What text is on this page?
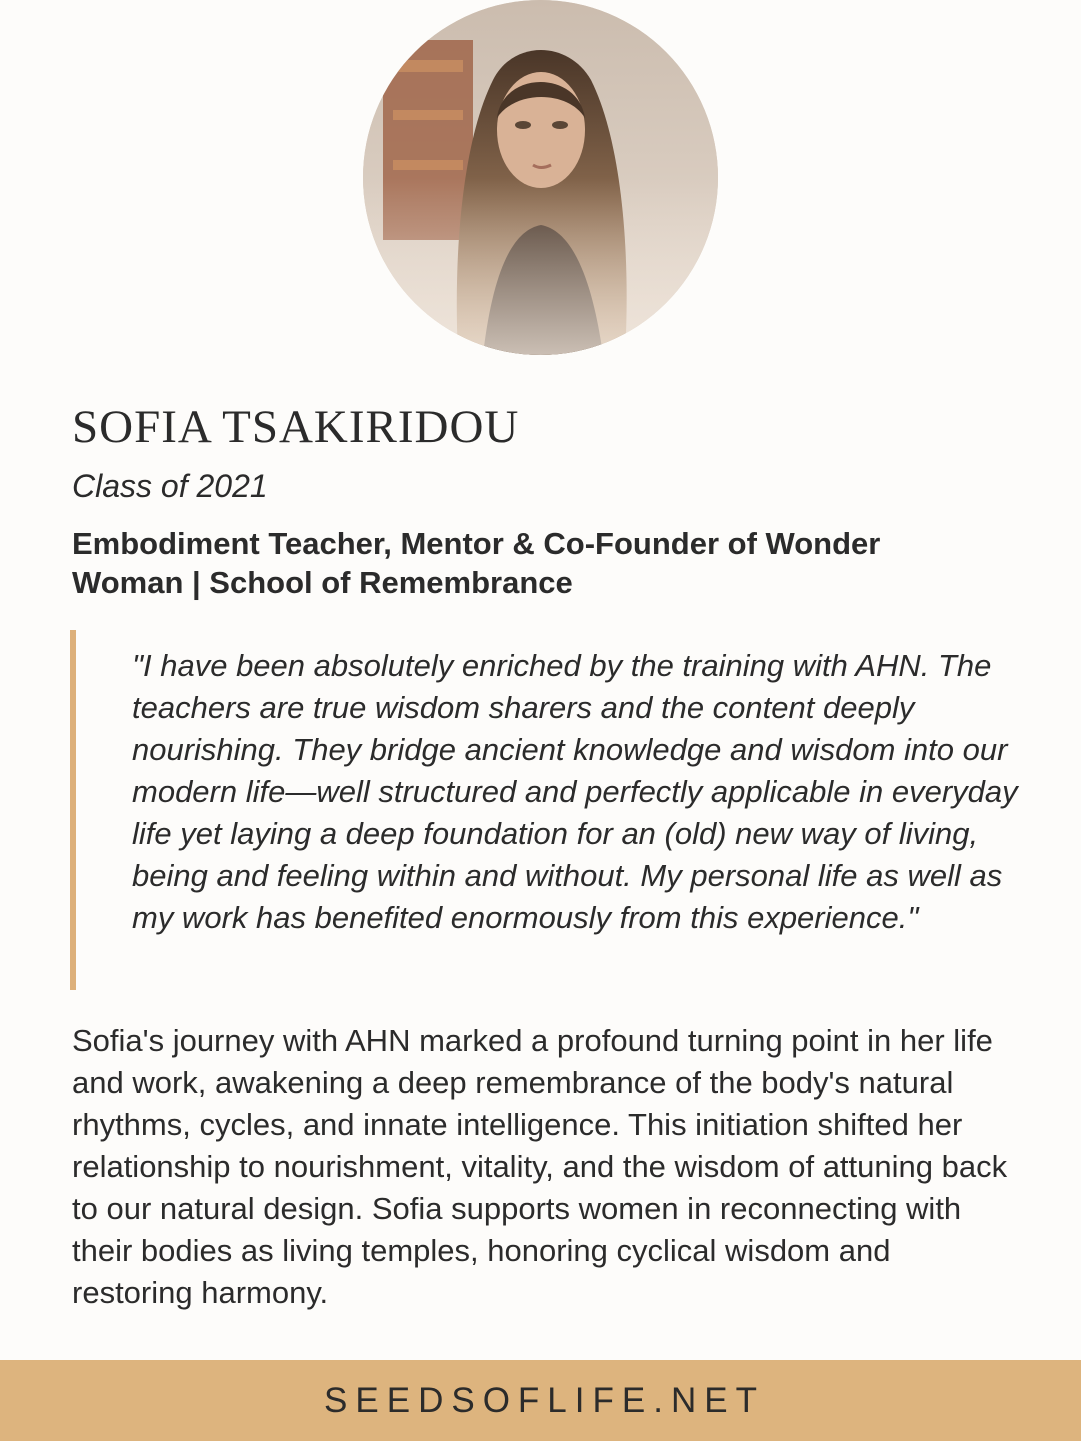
SOFIA TSAKIRIDOU

Class of 2021

Embodiment Teacher, Mentor & Co-Founder of Wonder Woman | School of Remembrance

"I have been absolutely enriched by the training with AHN. The teachers are true wisdom sharers and the content deeply nourishing. They bridge ancient knowledge and wisdom into our modern life—well structured and perfectly applicable in everyday life yet laying a deep foundation for an (old) new way of living, being and feeling within and without. My personal life as well as my work has benefited enormously from this experience."

Sofia's journey with AHN marked a profound turning point in her life and work, awakening a deep remembrance of the body's natural rhythms, cycles, and innate intelligence. This initiation shifted her relationship to nourishment, vitality, and the wisdom of attuning back to our natural design. Sofia supports women in reconnecting with their bodies as living temples, honoring cyclical wisdom and restoring harmony.

SEEDSOFLIFE.NET
